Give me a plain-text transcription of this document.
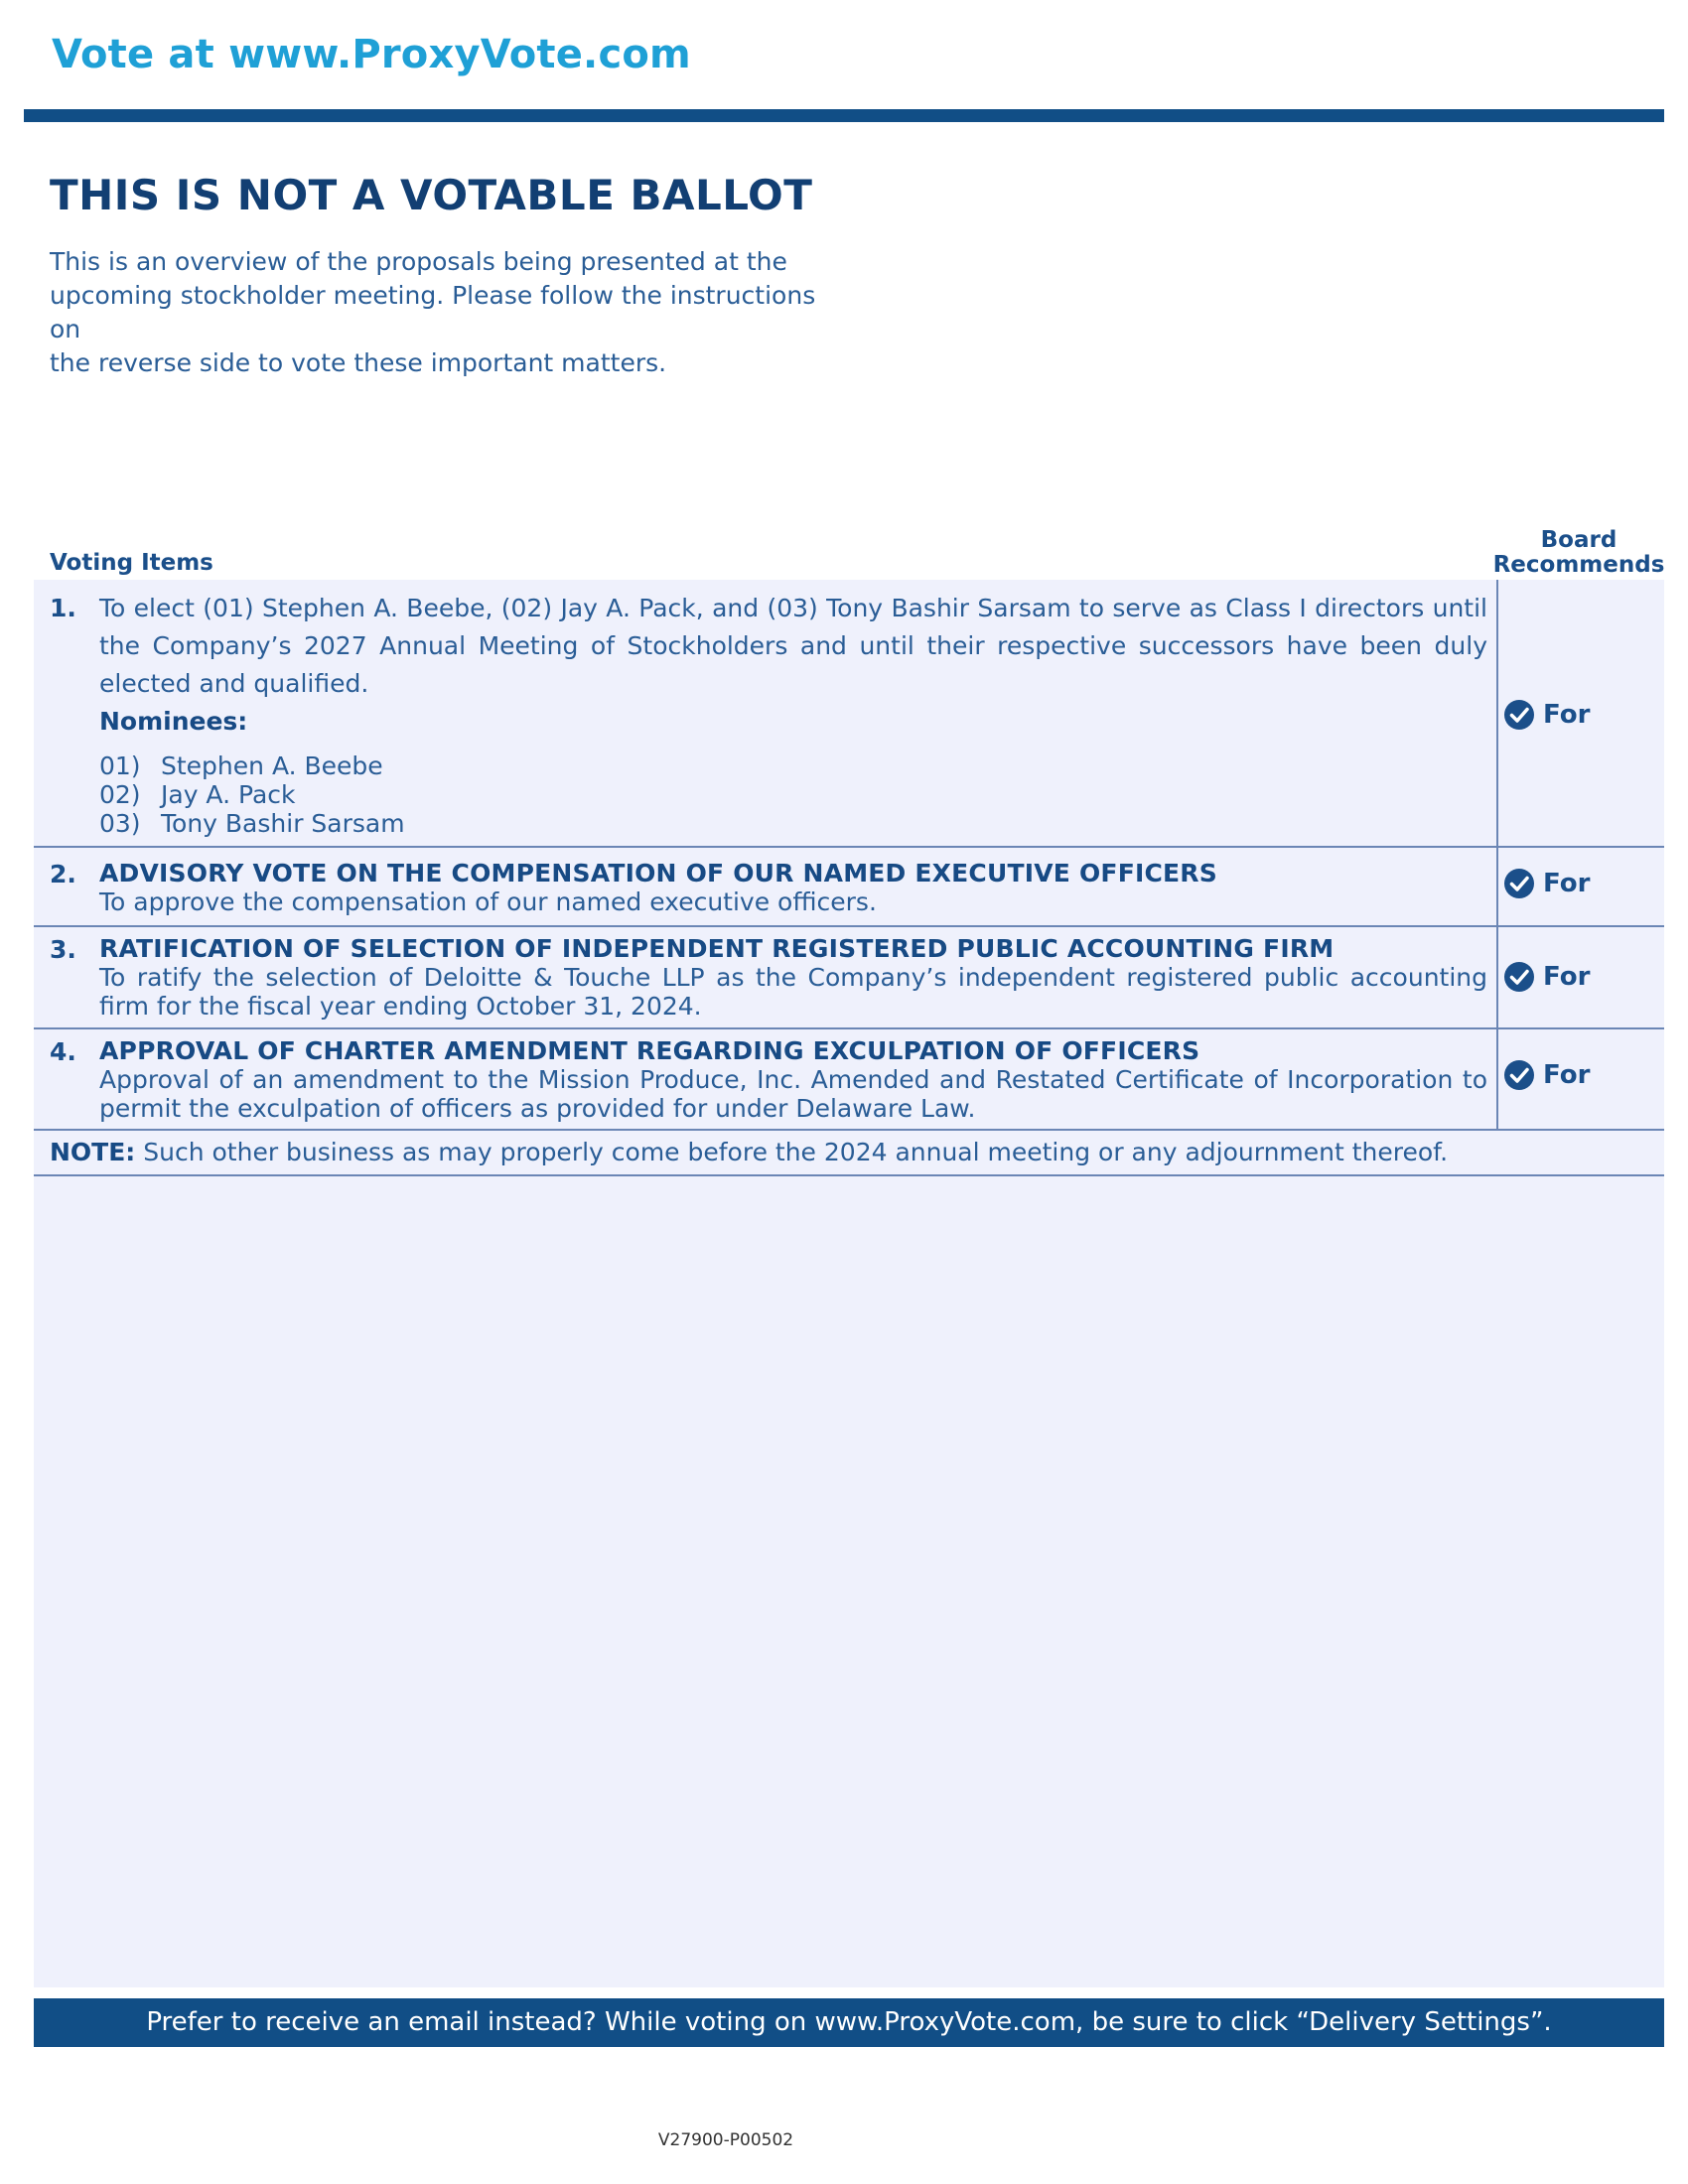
Vote at www.ProxyVote.com
THIS IS NOT A VOTABLE BALLOT
This is an overview of the proposals being presented at the
upcoming stockholder meeting. Please follow the instructions on
the reverse side to vote these important matters.
Voting Items
Board
Recommends
1. To elect (01) Stephen A. Beebe, (02) Jay A. Pack, and (03) Tony Bashir Sarsam to serve as Class I directors until the Company’s 2027 Annual Meeting of Stockholders and until their respective successors have been duly elected and qualified.
Nominees:
01) Stephen A. Beebe
02) Jay A. Pack
03) Tony Bashir Sarsam
For
2. ADVISORY VOTE ON THE COMPENSATION OF OUR NAMED EXECUTIVE OFFICERS
To approve the compensation of our named executive officers.
For
3. RATIFICATION OF SELECTION OF INDEPENDENT REGISTERED PUBLIC ACCOUNTING FIRM
To ratify the selection of Deloitte & Touche LLP as the Company’s independent registered public accounting firm for the fiscal year ending October 31, 2024.
For
4. APPROVAL OF CHARTER AMENDMENT REGARDING EXCULPATION OF OFFICERS
Approval of an amendment to the Mission Produce, Inc. Amended and Restated Certificate of Incorporation to permit the exculpation of officers as provided for under Delaware Law.
For
NOTE: Such other business as may properly come before the 2024 annual meeting or any adjournment thereof.
Prefer to receive an email instead? While voting on www.ProxyVote.com, be sure to click “Delivery Settings”.
V27900-P00502
